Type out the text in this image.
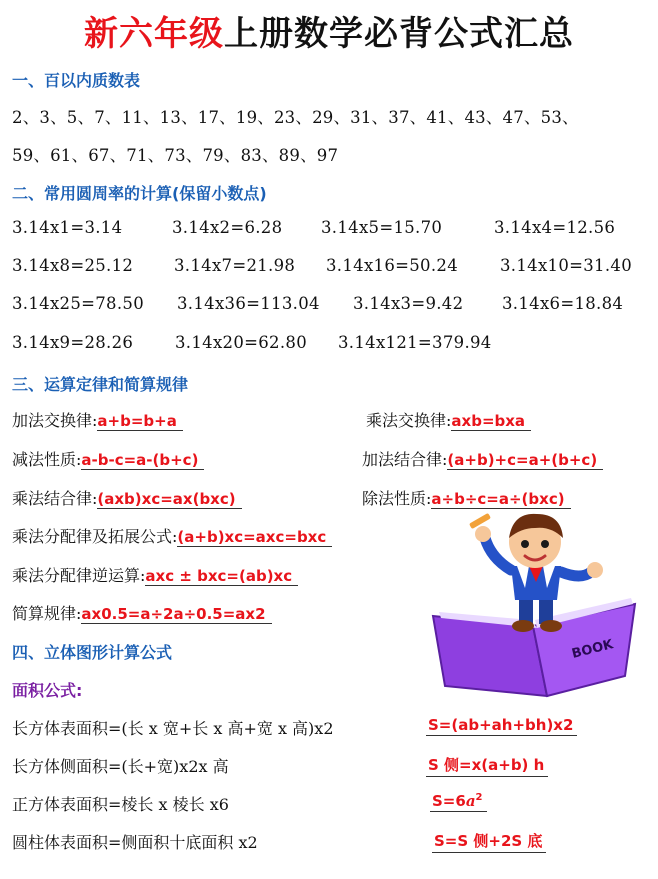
新六年级上册数学必背公式汇总
一、百以内质数表
2、3、5、7、11、13、17、19、23、29、31、37、41、43、47、53、
59、61、67、71、73、79、83、89、97
二、常用圆周率的计算(保留小数点)
3.14x1=3.14	3.14x2=6.28 3.14x5=15.70	3.14x4=12.56
3.14x8=25.12 3.14x7=21.98 3.14x16=50.24	3.14x10=31.40
3.14x25=78.50 3.14x36=113.04 3.14x3=9.42 3.14x6=18.84
3.14x9=28.26	3.14x20=62.80 3.14x121=379.94
三、运算定律和简算规律
加法交换律:a+b=b+a	乘法交换律:axb=bxa
减法性质:a-b-c=a-(b+c)	加法结合律:(a+b)+c=a+(b+c)
乘法结合律:(axb)xc=ax(bxc)	除法性质:a÷b÷c=a÷(bxc)
乘法分配律及拓展公式:(a+b)xc=axc=bxc
乘法分配律逆运算:axc ± bxc=(ab)xc
简算规律:ax0.5=a÷2a÷0.5=ax2
四、立体图形计算公式
面积公式:
长方体表面积=(长 x 宽+长 x 高+宽 x 高)x2	S=(ab+ah+bh)x2
长方体侧面积=(长+宽)x2x 高	S 侧=x(a+b) h
正方体表面积=棱长 x 棱长 x6	$S=6a^2$
圆柱体表面积=侧面积十底面积 x2	S=S 侧+2S 底
BOOK
